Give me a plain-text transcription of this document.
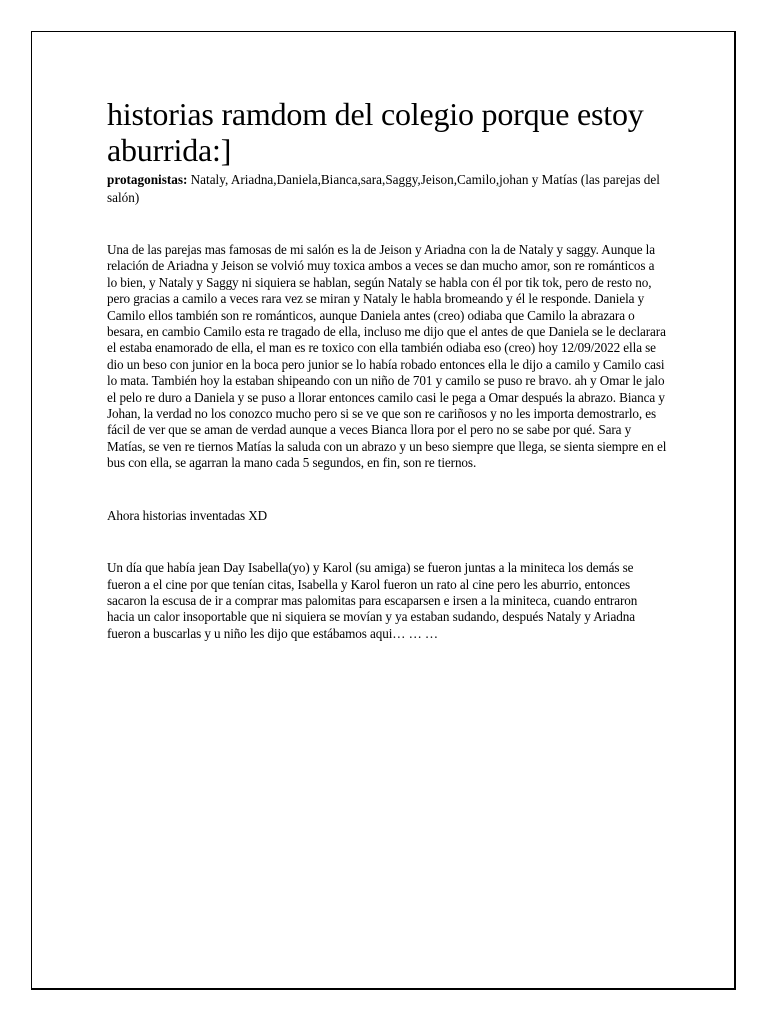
historias ramdom del colegio porque estoy aburrida:]

protagonistas: Nataly, Ariadna,Daniela,Bianca,sara,Saggy,Jeison,Camilo,johan y Matías (las parejas del salón)

Una de las parejas mas famosas de mi salón es la de Jeison y Ariadna con la de Nataly y saggy. Aunque la relación de Ariadna y Jeison se volvió muy toxica ambos a veces se dan mucho amor, son re románticos a lo bien, y Nataly y Saggy ni siquiera se hablan, según Nataly se habla con él por tik tok, pero de resto no, pero gracias a camilo a veces rara vez se miran y Nataly le habla bromeando y él le responde. Daniela y Camilo ellos también son re románticos, aunque Daniela antes (creo) odiaba que Camilo la abrazara o besara, en cambio Camilo esta re tragado de ella, incluso me dijo que el antes de que Daniela se le declarara el estaba enamorado de ella, el man es re toxico con ella también odiaba eso (creo) hoy 12/09/2022 ella se dio un beso con junior en la boca pero junior se lo había robado entonces ella le dijo a camilo y Camilo casi lo mata. También hoy la estaban shipeando con un niño de 701 y camilo se puso re bravo. ah y Omar le jalo el pelo re duro a Daniela y se puso a llorar entonces camilo casi le pega a Omar después la abrazo. Bianca y Johan, la verdad no los conozco mucho pero si se ve que son re cariñosos y no les importa demostrarlo, es fácil de ver que se aman de verdad aunque a veces Bianca llora por el pero no se sabe por qué. Sara y Matías, se ven re tiernos Matías la saluda con un abrazo y un beso siempre que llega, se sienta siempre en el bus con ella, se agarran la mano cada 5 segundos, en fin, son re tiernos.

Ahora historias inventadas XD

Un día que había jean Day Isabella(yo) y Karol (su amiga) se fueron juntas a la miniteca los demás se fueron a el cine por que tenían citas, Isabella y Karol fueron un rato al cine pero les aburrio, entonces sacaron la escusa de ir a comprar mas palomitas para escaparsen e irsen a la miniteca, cuando entraron hacia un calor insoportable que ni siquiera se movían y ya estaban sudando, después Nataly y Ariadna fueron a buscarlas y u niño les dijo que estábamos aqui… … …
